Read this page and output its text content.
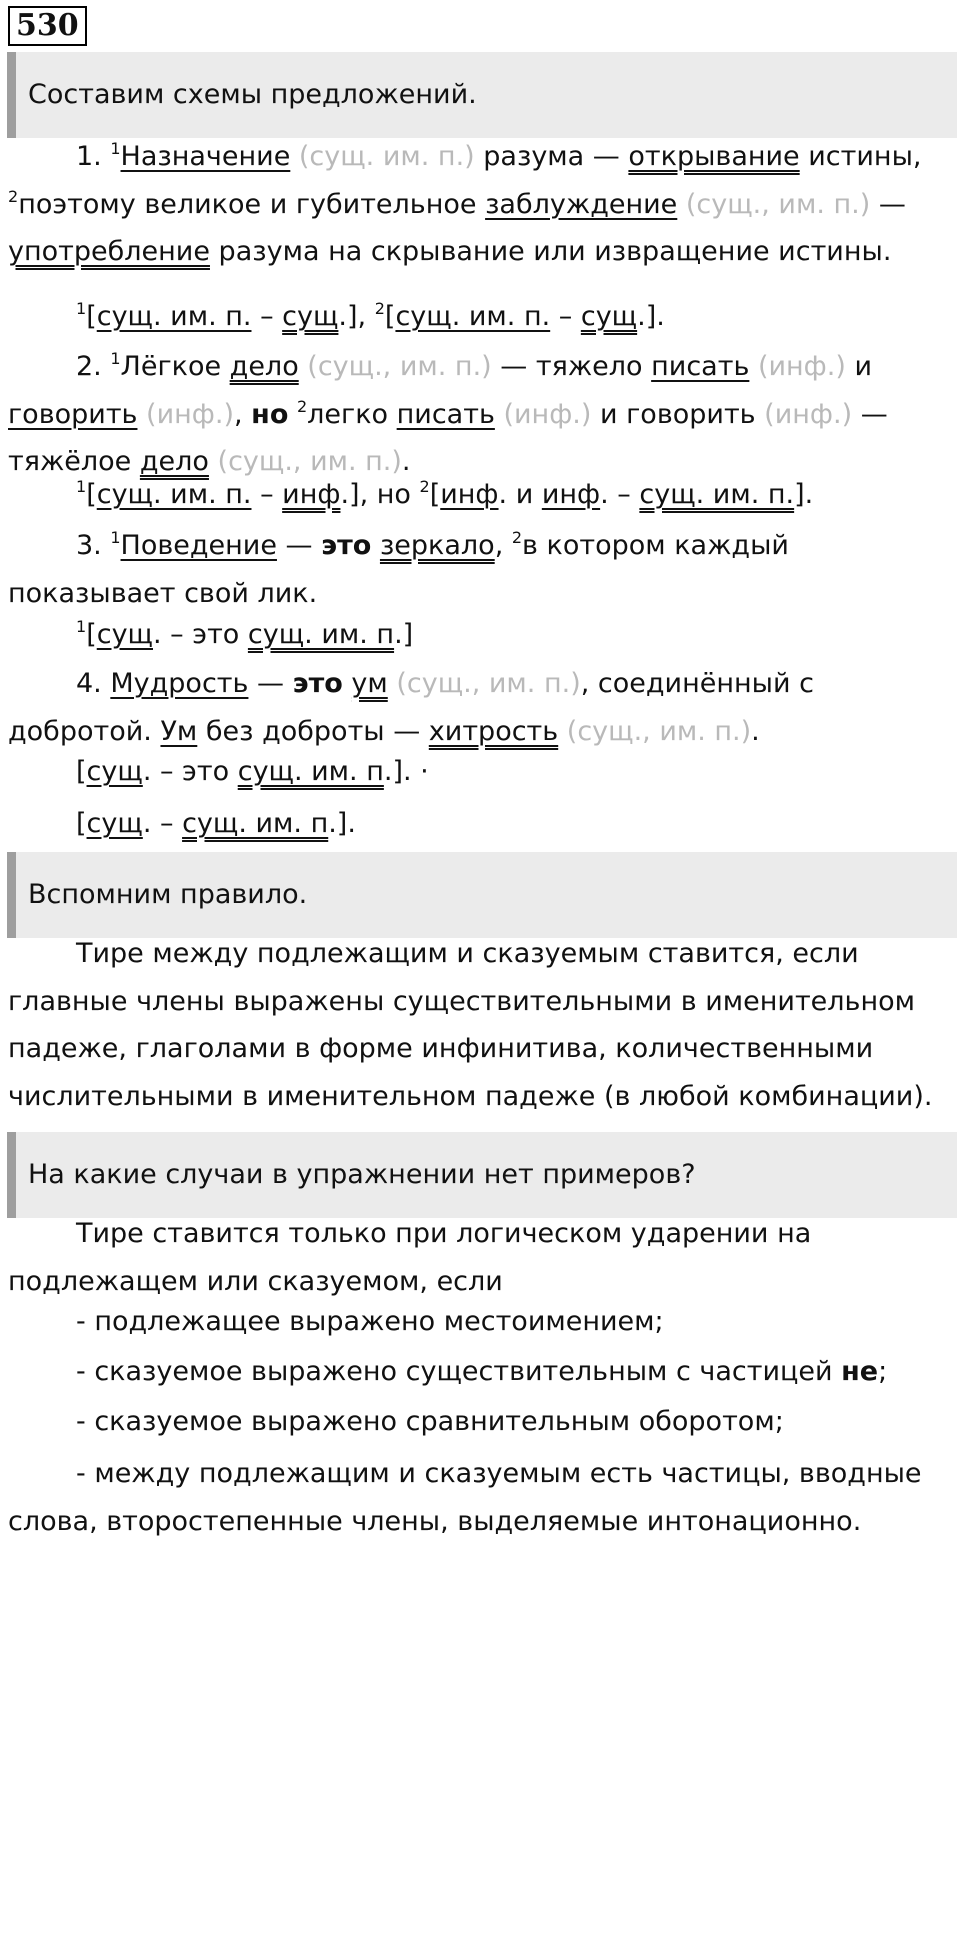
530
Составим схемы предложений.

1. $^1$Назначение (сущ. им. п.) разума — открывание истины, $^2$поэтому великое и губительное заблуждение (сущ., им. п.) — употребление разума на скрывание или извращение истины.

$^1$[сущ. им. п. – сущ.], $^2$[сущ. им. п. – сущ.].

2. $^1$Лёгкое дело (сущ., им. п.) — тяжело писать (инф.) и говорить (инф.), но $^2$легко писать (инф.) и говорить (инф.) — тяжёлое дело (сущ., им. п.).

$^1$[сущ. им. п. – инф.], но $^2$[инф. и инф. – сущ. им. п.].

3. $^1$Поведение — это зеркало, $^2$в котором каждый показывает свой лик.

$^1$[сущ. – это сущ. им. п.]

4. Мудрость — это ум (сущ., им. п.), соединённый с добротой. Ум без доброты — хитрость (сущ., им. п.).

[сущ. – это сущ. им. п.]. ·

[сущ. – сущ. им. п.].

Вспомним правило.

Тире между подлежащим и сказуемым ставится, если главные члены выражены существительными в именительном падеже, глаголами в форме инфинитива, количественными числительными в именительном падеже (в любой комбинации).

На какие случаи в упражнении нет примеров?

Тире ставится только при логическом ударении на подлежащем или сказуемом, если

- подлежащее выражено местоимением;

- сказуемое выражено существительным с частицей не;

- сказуемое выражено сравнительным оборотом;

- между подлежащим и сказуемым есть частицы, вводные слова, второстепенные члены, выделяемые интонационно.
